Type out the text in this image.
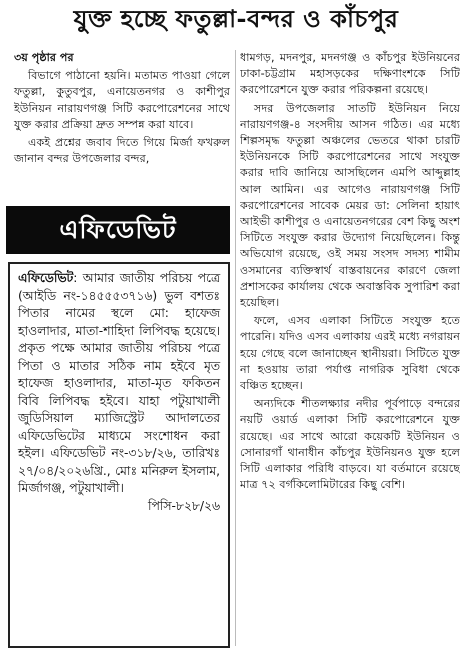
যুক্ত হচ্ছে ফতুল্লা-বন্দর ও কাঁচপুর

৩য় পৃষ্ঠার পর

বিভাগে পাঠানো হয়নি। মতামত পাওয়া গেলে ফতুল্লা, কুতুবপুর, এনায়েতনগর ও কাশীপুর ইউনিয়ন নারায়ণগঞ্জ সিটি করপোরেশনের সাথে যুক্ত করার প্রক্রিয়া দ্রুত সম্পন্ন করা যাবে।

একই প্রশ্নের জবাব দিতে গিয়ে মির্জা ফখরুল জানান বন্দর উপজেলার বন্দর,

এফিডেভিট
এফিডেভিট: আমার জাতীয় পরিচয় পত্রে (আইডি নং-১৪৫৫৫৩৭১৬) ভুল বশতঃ পিতার নামের স্থলে মো: হাফেজ হাওলাদার, মাতা-শাহিদা লিপিবদ্ধ হয়েছে। প্রকৃত পক্ষে আমার জাতীয় পরিচয় পত্রে পিতা ও মাতার সঠিক নাম হইবে মৃত হাফেজ হাওলাদার, মাতা-মৃত ফকিতন বিবি লিপিবদ্ধ হইবে। যাহা পটুয়াখালী জুডিসিয়াল ম্যাজিস্ট্রেট আদালতের এফিডেভিটের মাধ্যমে সংশোধন করা হইল। এফিডেভিট নং-৩১৮/২৬, তারিখঃ ২৭/০৪/২০২৬খ্রি., মোঃ মনিরুল ইসলাম, মির্জাগঞ্জ, পটুয়াখালী।
পিসি-৮২৮/২৬

ধামগড়, মদনপুর, মদনগঞ্জ ও কাঁচপুর ইউনিয়নের ঢাকা-চট্টগ্রাম মহাসড়কের দক্ষিণাংশকে সিটি করপোরেশনে যুক্ত করার পরিকল্পনা রয়েছে।

সদর উপজেলার সাতটি ইউনিয়ন নিয়ে নারায়ণগঞ্জ-৪ সংসদীয় আসন গঠিত। এর মধ্যে শিল্পসমৃদ্ধ ফতুল্লা অঞ্চলের ভেতরে থাকা চারটি ইউনিয়নকে সিটি করপোরেশনের সাথে সংযুক্ত করার দাবি জানিয়ে আসছিলেন এমপি আব্দুল্লাহ আল আমিন। এর আগেও নারায়ণগঞ্জ সিটি করপোরেশনের সাবেক মেয়র ডা: সেলিনা হায়াৎ আইভী কাশীপুর ও এনায়েতনগরের বেশ কিছু অংশ সিটিতে সংযুক্ত করার উদ্যোগ নিয়েছিলেন। কিন্তু অভিযোগ রয়েছে, ওই সময় সংসদ সদস্য শামীম ওসমানের ব্যক্তিস্বার্থ বাস্তবায়নের কারণে জেলা প্রশাসকের কার্যালয় থেকে অবাস্তবিক সুপারিশ করা হয়েছিল।

ফলে, এসব এলাকা সিটিতে সংযুক্ত হতে পারেনি। যদিও এসব এলাকায় এরই মধ্যে নগরায়ন হয়ে গেছে বলে জানাচ্ছেন স্থানীয়রা। সিটিতে যুক্ত না হওয়ায় তারা পর্যাপ্ত নাগরিক সুবিধা থেকে বঞ্চিত হচ্ছেন।

অন্যদিকে শীতলক্ষ্যার নদীর পূর্বপাড়ে বন্দরের নয়টি ওয়ার্ড এলাকা সিটি করপোরেশনে যুক্ত রয়েছে। এর সাথে আরো কয়েকটি ইউনিয়ন ও সোনারগাঁ থানাধীন কাঁচপুর ইউনিয়নও যুক্ত হলে সিটি এলাকার পরিধি বাড়বে। যা বর্তমানে রয়েছে মাত্র ৭২ বর্গকিলোমিটারের কিছু বেশি।
